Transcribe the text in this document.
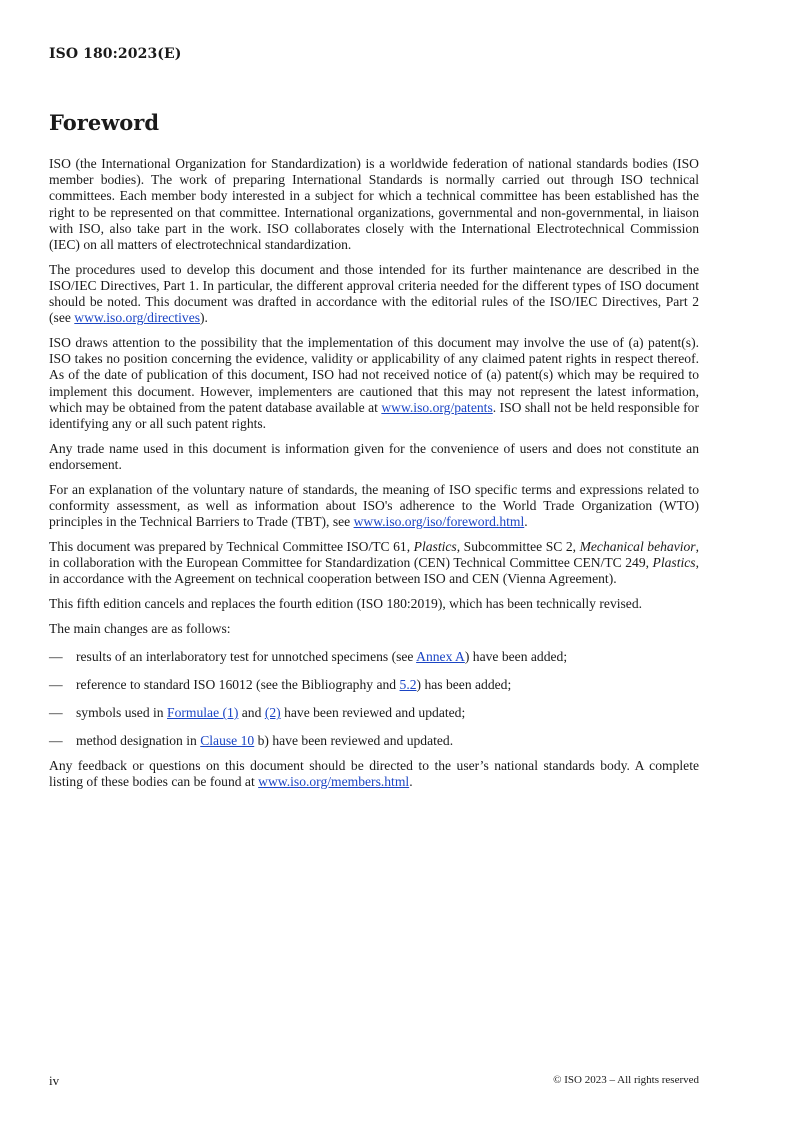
ISO 180:2023(E)
Foreword

ISO (the International Organization for Standardization) is a worldwide federation of national standards bodies (ISO member bodies). The work of preparing International Standards is normally carried out through ISO technical committees. Each member body interested in a subject for which a technical committee has been established has the right to be represented on that committee. International organizations, governmental and non-governmental, in liaison with ISO, also take part in the work. ISO collaborates closely with the International Electrotechnical Commission (IEC) on all matters of electrotechnical standardization.

The procedures used to develop this document and those intended for its further maintenance are described in the ISO/IEC Directives, Part 1. In particular, the different approval criteria needed for the different types of ISO document should be noted. This document was drafted in accordance with the editorial rules of the ISO/IEC Directives, Part 2 (see www.iso.org/directives).

ISO draws attention to the possibility that the implementation of this document may involve the use of (a) patent(s). ISO takes no position concerning the evidence, validity or applicability of any claimed patent rights in respect thereof. As of the date of publication of this document, ISO had not received notice of (a) patent(s) which may be required to implement this document. However, implementers are cautioned that this may not represent the latest information, which may be obtained from the patent database available at www.iso.org/patents. ISO shall not be held responsible for identifying any or all such patent rights.

Any trade name used in this document is information given for the convenience of users and does not constitute an endorsement.

For an explanation of the voluntary nature of standards, the meaning of ISO specific terms and expressions related to conformity assessment, as well as information about ISO's adherence to the World Trade Organization (WTO) principles in the Technical Barriers to Trade (TBT), see www.iso.org/iso/foreword.html.

This document was prepared by Technical Committee ISO/TC 61, Plastics, Subcommittee SC 2, Mechanical behavior, in collaboration with the European Committee for Standardization (CEN) Technical Committee CEN/TC 249, Plastics, in accordance with the Agreement on technical cooperation between ISO and CEN (Vienna Agreement).

This fifth edition cancels and replaces the fourth edition (ISO 180:2019), which has been technically revised.

The main changes are as follows:

— results of an interlaboratory test for unnotched specimens (see Annex A) have been added;
— reference to standard ISO 16012 (see the Bibliography and 5.2) has been added;
— symbols used in Formulae (1) and (2) have been reviewed and updated;
— method designation in Clause 10 b) have been reviewed and updated.

Any feedback or questions on this document should be directed to the user’s national standards body. A complete listing of these bodies can be found at www.iso.org/members.html.

iv	© ISO 2023 – All rights reserved
